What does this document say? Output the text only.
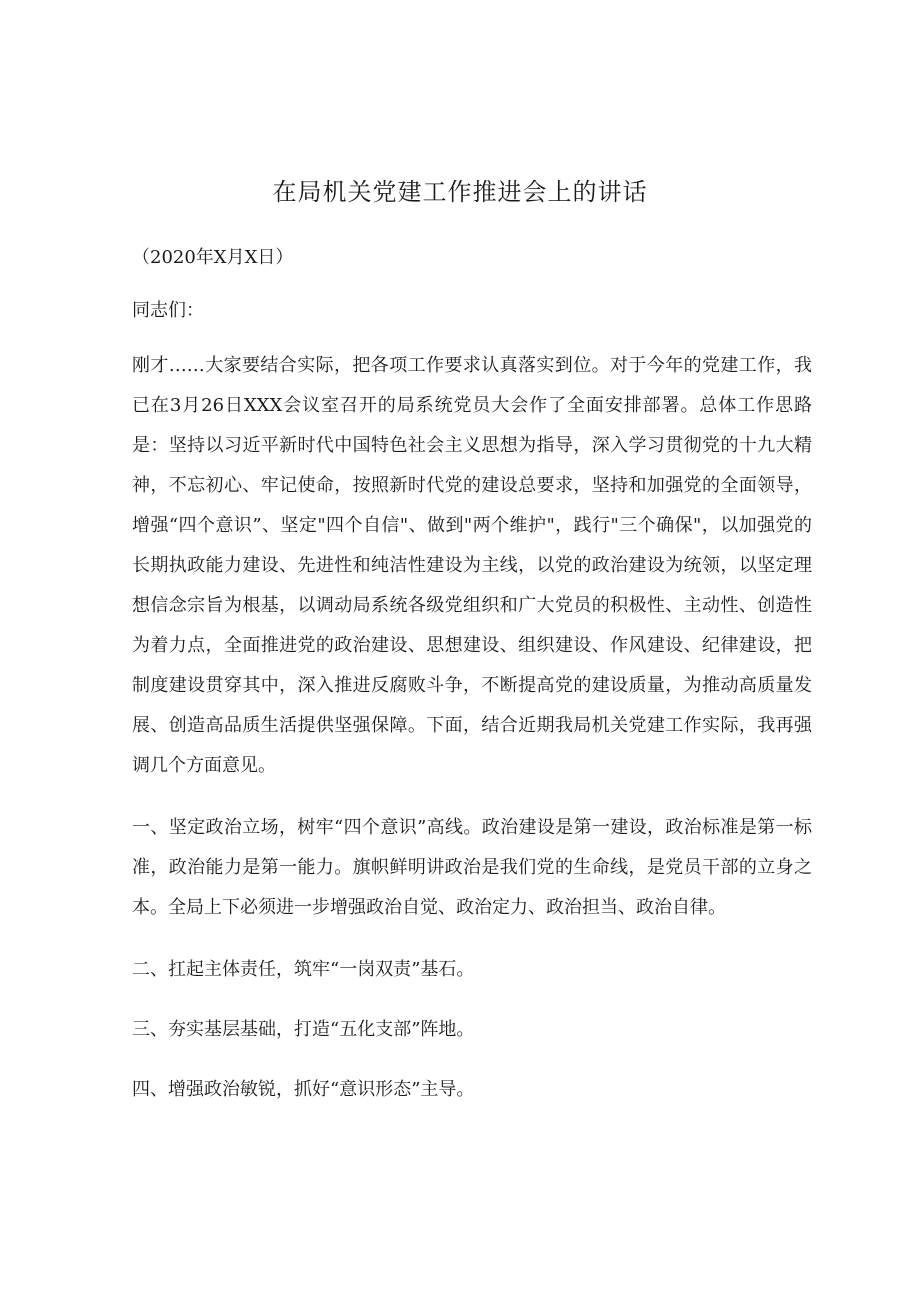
在局机关党建工作推进会上的讲话

（2020年X月X日）

同志们：

刚才……大家要结合实际，把各项工作要求认真落实到位。对于今年的党建工作，我已在3月26日XXX会议室召开的局系统党员大会作了全面安排部署。总体工作思路是：坚持以习近平新时代中国特色社会主义思想为指导，深入学习贯彻党的十九大精神，不忘初心、牢记使命，按照新时代党的建设总要求，坚持和加强党的全面领导，增强“四个意识”、坚定"四个自信"、做到"两个维护"，践行"三个确保"，以加强党的长期执政能力建设、先进性和纯洁性建设为主线，以党的政治建设为统领，以坚定理想信念宗旨为根基，以调动局系统各级党组织和广大党员的积极性、主动性、创造性为着力点，全面推进党的政治建设、思想建设、组织建设、作风建设、纪律建设，把制度建设贯穿其中，深入推进反腐败斗争，不断提高党的建设质量，为推动高质量发展、创造高品质生活提供坚强保障。下面，结合近期我局机关党建工作实际，我再强调几个方面意见。

一、坚定政治立场，树牢“四个意识”高线。政治建设是第一建设，政治标准是第一标准，政治能力是第一能力。旗帜鲜明讲政治是我们党的生命线，是党员干部的立身之本。全局上下必须进一步增强政治自觉、政治定力、政治担当、政治自律。

二、扛起主体责任，筑牢“一岗双责”基石。

三、夯实基层基础，打造“五化支部”阵地。

四、增强政治敏锐，抓好“意识形态”主导。
